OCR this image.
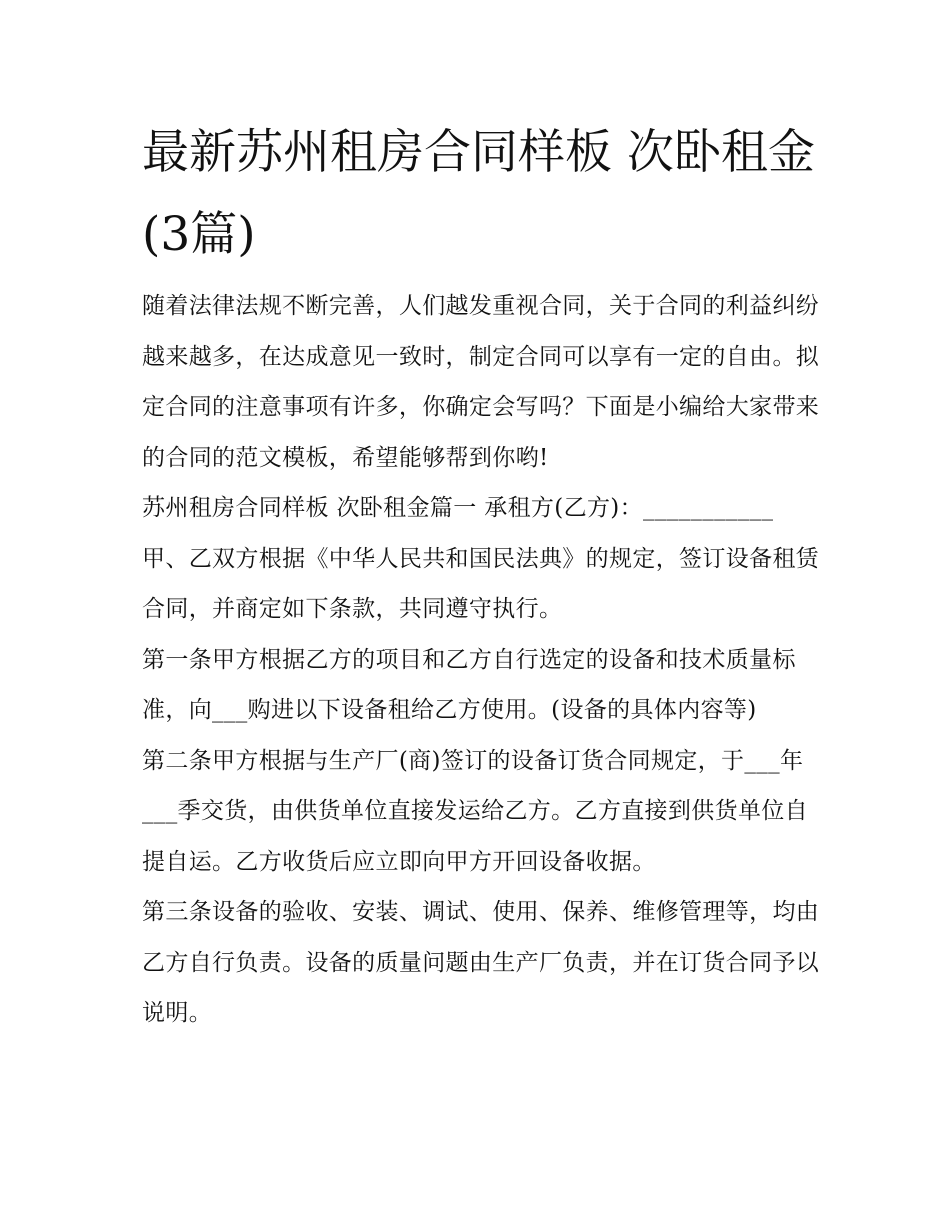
最新苏州租房合同样板 次卧租金(3篇)

随着法律法规不断完善，人们越发重视合同，关于合同的利益纠纷越来越多，在达成意见一致时，制定合同可以享有一定的自由。拟定合同的注意事项有许多，你确定会写吗？下面是小编给大家带来的合同的范文模板，希望能够帮到你哟!

苏州租房合同样板 次卧租金篇一 承租方(乙方)：___________

甲、乙双方根据《中华人民共和国民法典》的规定，签订设备租赁合同，并商定如下条款，共同遵守执行。

第一条甲方根据乙方的项目和乙方自行选定的设备和技术质量标准，向___购进以下设备租给乙方使用。(设备的具体内容等)

第二条甲方根据与生产厂(商)签订的设备订货合同规定，于___年___季交货，由供货单位直接发运给乙方。乙方直接到供货单位自提自运。乙方收货后应立即向甲方开回设备收据。

第三条设备的验收、安装、调试、使用、保养、维修管理等，均由乙方自行负责。设备的质量问题由生产厂负责，并在订货合同予以说明。
